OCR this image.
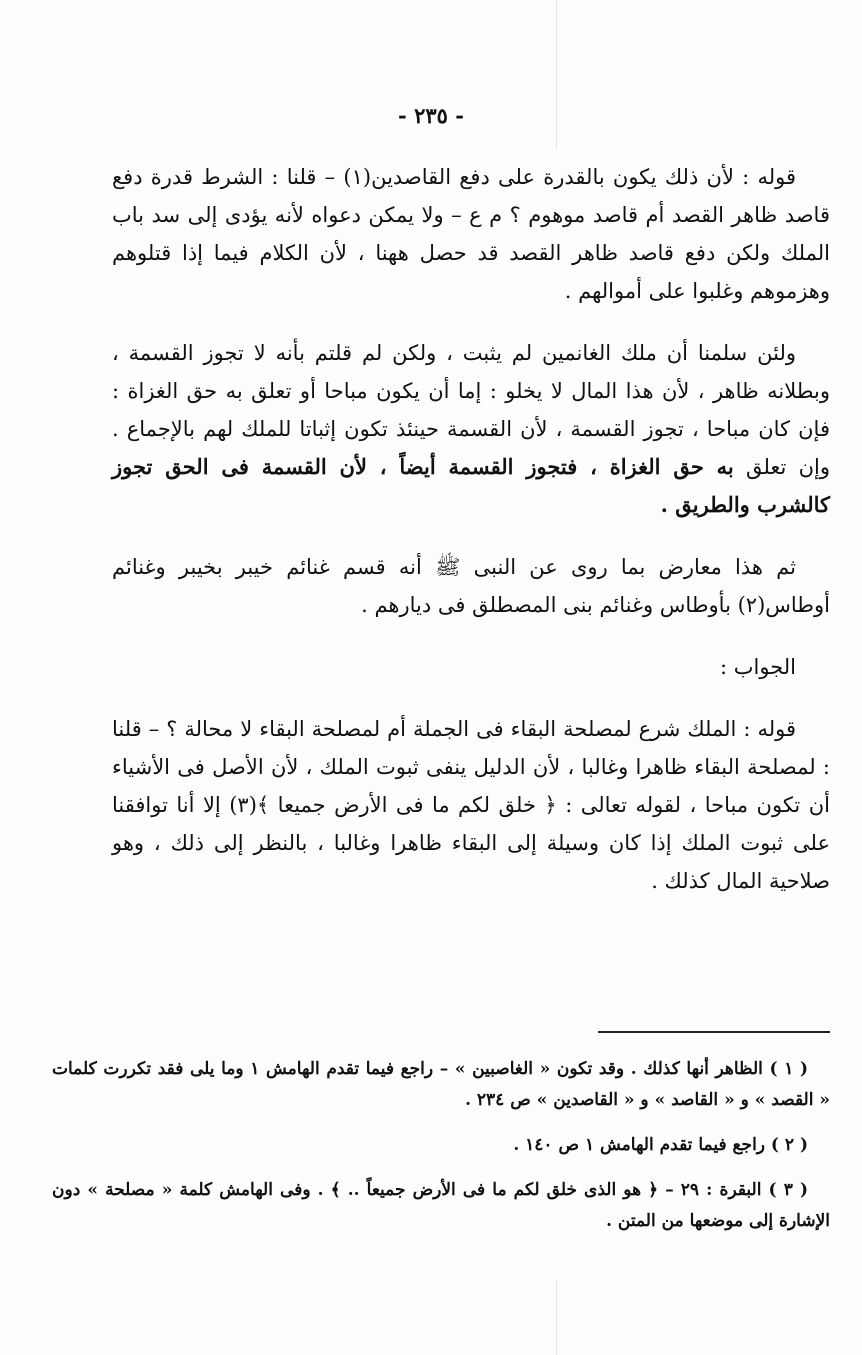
- ٢٣٥ -

قوله : لأن ذلك يكون بالقدرة على دفع القاصدين(١) – قلنا : الشرط قدرة دفع قاصد ظاهر القصد أم قاصد موهوم ؟ م ع – ولا يمكن دعواه لأنه يؤدى إلى سد باب الملك ولكن دفع قاصد ظاهر القصد قد حصل ههنا ، لأن الكلام فيما إذا قتلوهم وهزموهم وغلبوا على أموالهم .

ولئن سلمنا أن ملك الغانمين لم يثبت ، ولكن لم قلتم بأنه لا تجوز القسمة ، وبطلانه ظاهر ، لأن هذا المال لا يخلو : إما أن يكون مباحا أو تعلق به حق الغزاة : فإن كان مباحا ، تجوز القسمة ، لأن القسمة حينئذ تكون إثباتا للملك لهم بالإجماع . وإن تعلق به حق الغزاة ، فتجوز القسمة أيضاً ، لأن القسمة فى الحق تجوز كالشرب والطريق .

ثم هذا معارض بما روى عن النبى ﷺ أنه قسم غنائم خيبر بخيبر وغنائم أوطاس(٢) بأوطاس وغنائم بنى المصطلق فى ديارهم .

الجواب :

قوله : الملك شرع لمصلحة البقاء فى الجملة أم لمصلحة البقاء لا محالة ؟ – قلنا : لمصلحة البقاء ظاهرا وغالبا ، لأن الدليل ينفى ثبوت الملك ، لأن الأصل فى الأشياء أن تكون مباحا ، لقوله تعالى : ﴿ خلق لكم ما فى الأرض جميعا ﴾(٣) إلا أنا توافقنا على ثبوت الملك إذا كان وسيلة إلى البقاء ظاهرا وغالبا ، بالنظر إلى ذلك ، وهو صلاحية المال كذلك .

( ١ ) الظاهر أنها كذلك . وقد تكون « الغاصبين » – راجع فيما تقدم الهامش ١ وما يلى فقد تكررت كلمات « القصد » و « القاصد » و « القاصدين » ص ٢٣٤ .

( ٢ ) راجع فيما تقدم الهامش ١ ص ١٤٠ .

( ٣ ) البقرة : ٢٩ – ﴿ هو الذى خلق لكم ما فى الأرض جميعاً .. ﴾ . وفى الهامش كلمة « مصلحة » دون الإشارة إلى موضعها من المتن .
